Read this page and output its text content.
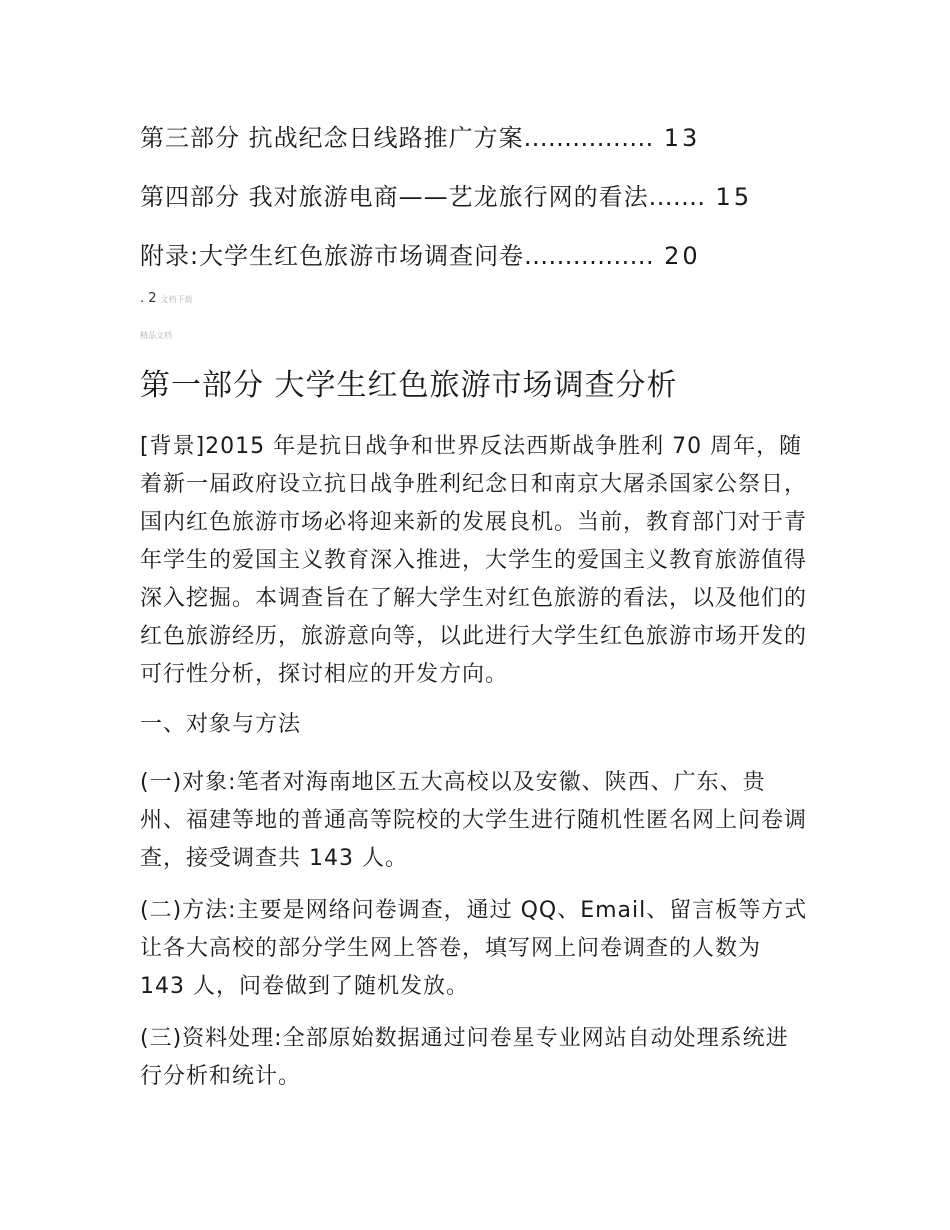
第三部分 抗战纪念日线路推广方案 ................ 13
第四部分 我对旅游电商——艺龙旅行网的看法 ....... 15
附录:大学生红色旅游市场调查问卷 ................ 20
. 2 文档下载
精品文档
第一部分 大学生红色旅游市场调查分析
[背景]2015 年是抗日战争和世界反法西斯战争胜利 70 周年，随着新一届政府设立抗日战争胜利纪念日和南京大屠杀国家公祭日，国内红色旅游市场必将迎来新的发展良机。当前，教育部门对于青年学生的爱国主义教育深入推进，大学生的爱国主义教育旅游值得深入挖掘。本调查旨在了解大学生对红色旅游的看法，以及他们的红色旅游经历，旅游意向等，以此进行大学生红色旅游市场开发的可行性分析，探讨相应的开发方向。
一、对象与方法
(一)对象:笔者对海南地区五大高校以及安徽、陕西、广东、贵州、福建等地的普通高等院校的大学生进行随机性匿名网上问卷调查，接受调查共 143 人。
(二)方法:主要是网络问卷调查，通过 QQ、Email、留言板等方式让各大高校的部分学生网上答卷，填写网上问卷调查的人数为 143 人，问卷做到了随机发放。
(三)资料处理:全部原始数据通过问卷星专业网站自动处理系统进行分析和统计。
